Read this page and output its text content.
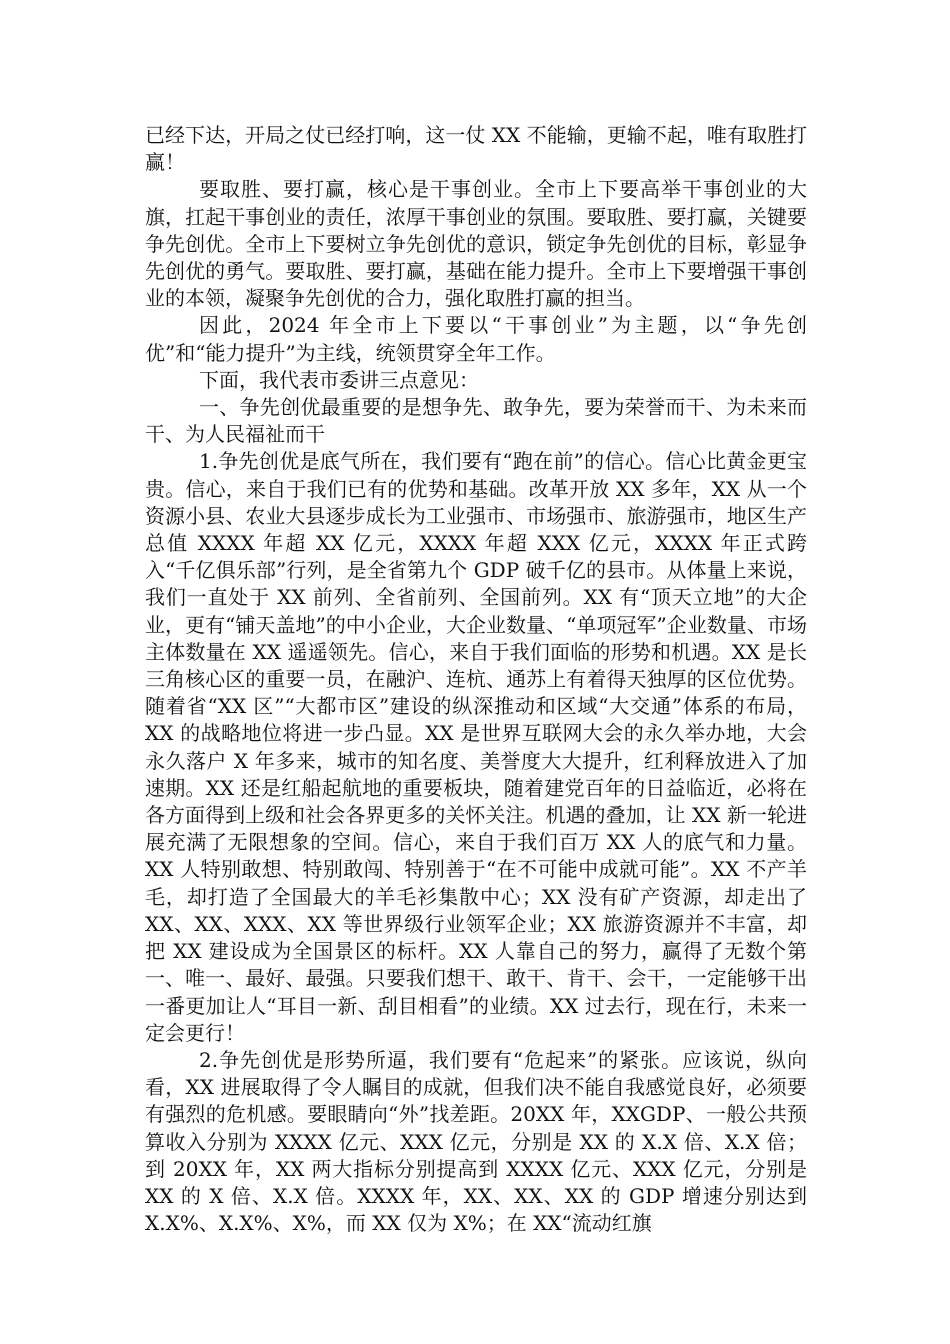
已经下达，开局之仗已经打响，这一仗 XX 不能输，更输不起，唯有取胜打赢！

要取胜、要打赢，核心是干事创业。全市上下要高举干事创业的大旗，扛起干事创业的责任，浓厚干事创业的氛围。要取胜、要打赢，关键要争先创优。全市上下要树立争先创优的意识，锁定争先创优的目标，彰显争先创优的勇气。要取胜、要打赢，基础在能力提升。全市上下要增强干事创业的本领，凝聚争先创优的合力，强化取胜打赢的担当。

因此，2024 年全市上下要以“干事创业”为主题，以“争先创优”和“能力提升”为主线，统领贯穿全年工作。

下面，我代表市委讲三点意见：

一、争先创优最重要的是想争先、敢争先，要为荣誉而干、为未来而干、为人民福祉而干

1.争先创优是底气所在，我们要有“跑在前”的信心。信心比黄金更宝贵。信心，来自于我们已有的优势和基础。改革开放 XX 多年，XX 从一个资源小县、农业大县逐步成长为工业强市、市场强市、旅游强市，地区生产总值 XXXX 年超 XX 亿元，XXXX 年超 XXX 亿元，XXXX 年正式跨入“千亿俱乐部”行列，是全省第九个 GDP 破千亿的县市。从体量上来说，我们一直处于 XX 前列、全省前列、全国前列。XX 有“顶天立地”的大企业，更有“铺天盖地”的中小企业，大企业数量、“单项冠军”企业数量、市场主体数量在 XX 遥遥领先。信心，来自于我们面临的形势和机遇。XX 是长三角核心区的重要一员，在融沪、连杭、通苏上有着得天独厚的区位优势。随着省“XX 区”“大都市区”建设的纵深推动和区域“大交通”体系的布局，XX 的战略地位将进一步凸显。XX 是世界互联网大会的永久举办地，大会永久落户 X 年多来，城市的知名度、美誉度大大提升，红利释放进入了加速期。XX 还是红船起航地的重要板块，随着建党百年的日益临近，必将在各方面得到上级和社会各界更多的关怀关注。机遇的叠加，让 XX 新一轮进展充满了无限想象的空间。信心，来自于我们百万 XX 人的底气和力量。XX 人特别敢想、特别敢闯、特别善于“在不可能中成就可能”。XX 不产羊毛，却打造了全国最大的羊毛衫集散中心；XX 没有矿产资源，却走出了 XX、XX、XXX、XX 等世界级行业领军企业；XX 旅游资源并不丰富，却把 XX 建设成为全国景区的标杆。XX 人靠自己的努力，赢得了无数个第一、唯一、最好、最强。只要我们想干、敢干、肯干、会干，一定能够干出一番更加让人“耳目一新、刮目相看”的业绩。XX 过去行，现在行，未来一定会更行！

2.争先创优是形势所逼，我们要有“危起来”的紧张。应该说，纵向看，XX 进展取得了令人瞩目的成就，但我们决不能自我感觉良好，必须要有强烈的危机感。要眼睛向“外”找差距。20XX 年，XXGDP、一般公共预算收入分别为 XXXX 亿元、XXX 亿元，分别是 XX 的 X.X 倍、X.X 倍；到 20XX 年，XX 两大指标分别提高到 XXXX 亿元、XXX 亿元，分别是 XX 的 X 倍、X.X 倍。XXXX 年，XX、XX、XX 的 GDP 增速分别达到 X.X%、X.X%、X%，而 XX 仅为 X%；在 XX“流动红旗
